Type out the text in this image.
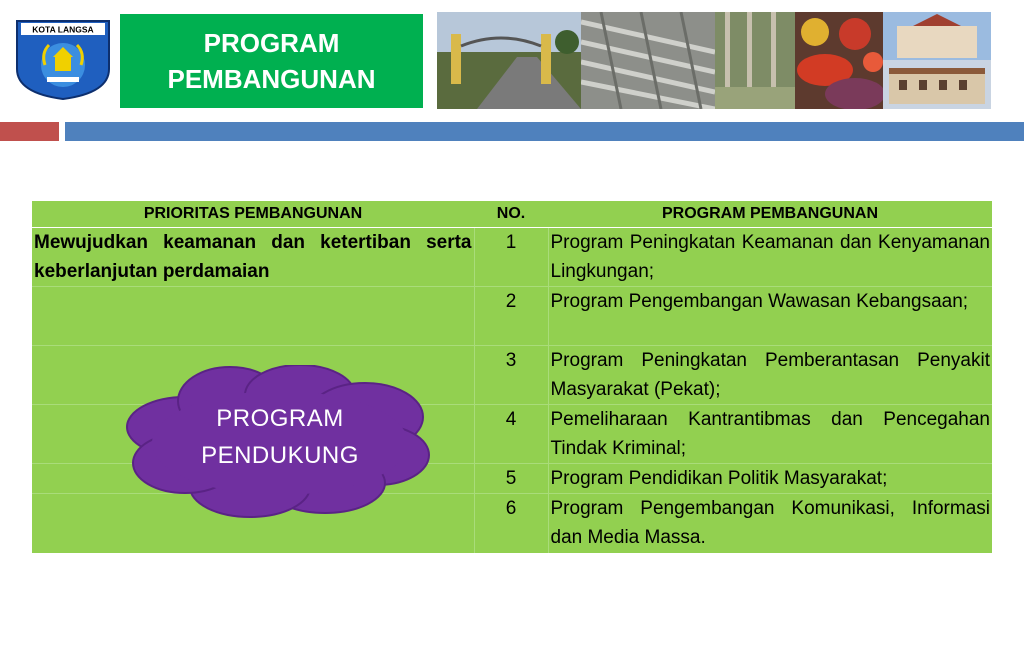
KOTA LANGSA	PROGRAM
PEMBANGUNAN
PRIORITAS PEMBANGUNAN	NO.	PROGRAM PEMBANGUNAN
Mewujudkan keamanan dan ketertiban serta keberlanjutan perdamaian	1	Program Peningkatan Keamanan dan Kenyamanan Lingkungan;
	2	Program Pengembangan Wawasan Kebangsaan;
	3	Program Peningkatan Pemberantasan Penyakit Masyarakat (Pekat);
	4	Pemeliharaan Kantrantibmas dan Pencegahan Tindak Kriminal;
	5	Program Pendidikan Politik Masyarakat;
	6	Program Pengembangan Komunikasi, Informasi dan Media Massa.
PROGRAM
PENDUKUNG
